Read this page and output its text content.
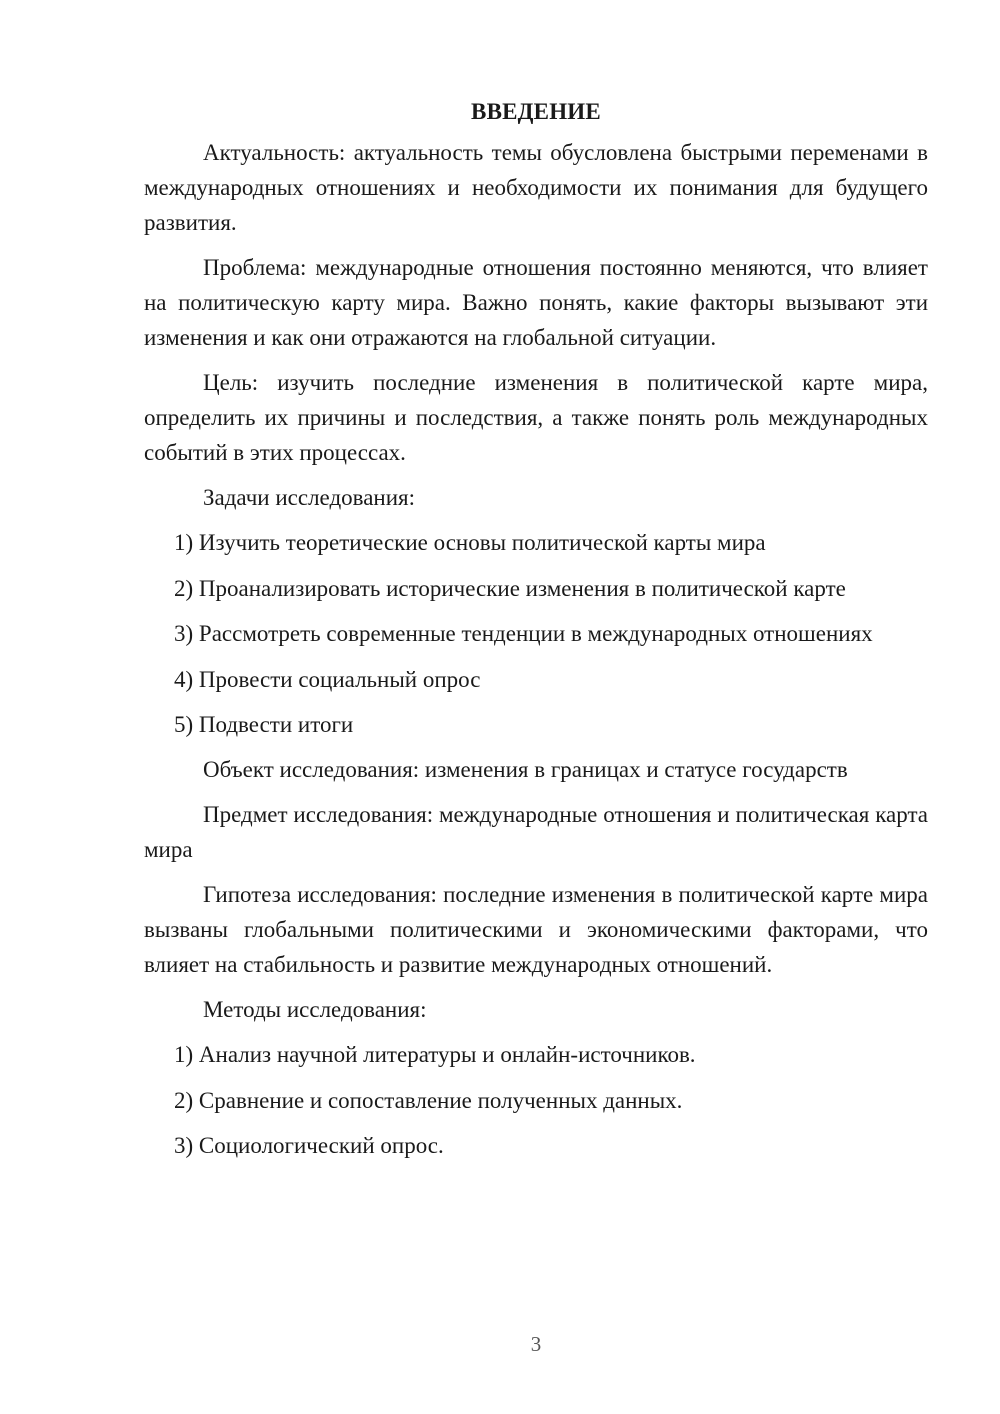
ВВЕДЕНИЕ

Актуальность: актуальность темы обусловлена быстрыми переменами в международных отношениях и необходимости их понимания для будущего развития.

Проблема: международные отношения постоянно меняются, что влияет на политическую карту мира. Важно понять, какие факторы вызывают эти изменения и как они отражаются на глобальной ситуации.

Цель: изучить последние изменения в политической карте мира, определить их причины и последствия, а также понять роль международных событий в этих процессах.

Задачи исследования:

1) Изучить теоретические основы политической карты мира
2) Проанализировать исторические изменения в политической карте
3) Рассмотреть современные тенденции в международных отношениях
4) Провести социальный опрос
5) Подвести итоги

Объект исследования: изменения в границах и статусе государств

Предмет исследования: международные отношения и политическая карта мира

Гипотеза исследования: последние изменения в политической карте мира вызваны глобальными политическими и экономическими факторами, что влияет на стабильность и развитие международных отношений.

Методы исследования:

1) Анализ научной литературы и онлайн-источников.
2) Сравнение и сопоставление полученных данных.
3) Социологический опрос.
3
